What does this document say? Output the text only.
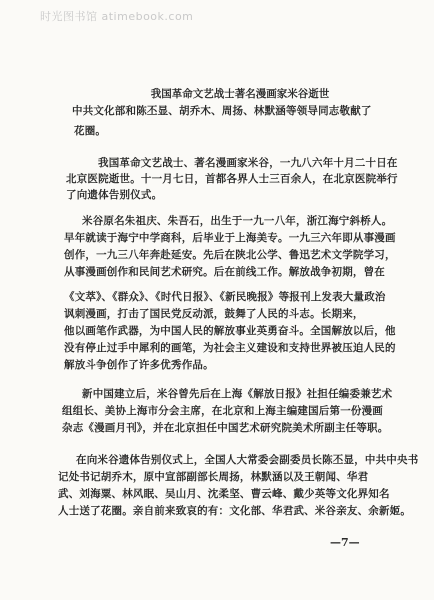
时光图书馆 atimebook.com
我国革命文艺战士著名漫画家米谷逝世
中共文化部和陈丕显、胡乔木、周扬、林默涵等领导同志敬献了
花圈。
我国革命文艺战士、著名漫画家米谷，一九八六年十月二十日在
北京医院逝世。十一月七日，首都各界人士三百余人，在北京医院举行
了向遗体告别仪式。
米谷原名朱祖庆、朱吾石，出生于一九一八年，浙江海宁斜桥人。
早年就读于海宁中学商科，后毕业于上海美专。一九三六年即从事漫画
创作，一九三八年奔赴延安。先后在陕北公学、鲁迅艺术文学院学习，
从事漫画创作和民间艺术研究。后在前线工作。解放战争初期，曾在
《文萃》、《群众》、《时代日报》、《新民晚报》等报刊上发表大量政治
讽刺漫画，打击了国民党反动派，鼓舞了人民的斗志。长期来，
他以画笔作武器，为中国人民的解放事业英勇奋斗。全国解放以后，他
没有停止过手中犀利的画笔，为社会主义建设和支持世界被压迫人民的
解放斗争创作了许多优秀作品。
新中国建立后，米谷曾先后在上海《解放日报》社担任编委兼艺术
组组长、美协上海市分会主席，在北京和上海主编建国后第一份漫画
杂志《漫画月刊》，并在北京担任中国艺术研究院美术所副主任等职。
在向米谷遗体告别仪式上，全国人大常委会副委员长陈丕显，中共中央书
记处书记胡乔木，原中宣部副部长周扬，林默涵以及王朝闻、华君
武、刘海粟、林风眠、吴山月、沈柔坚、曹云峰、戴少英等文化界知名
人士送了花圈。亲自前来致哀的有：文化部、华君武、米谷亲友、余新姬。
—7—
